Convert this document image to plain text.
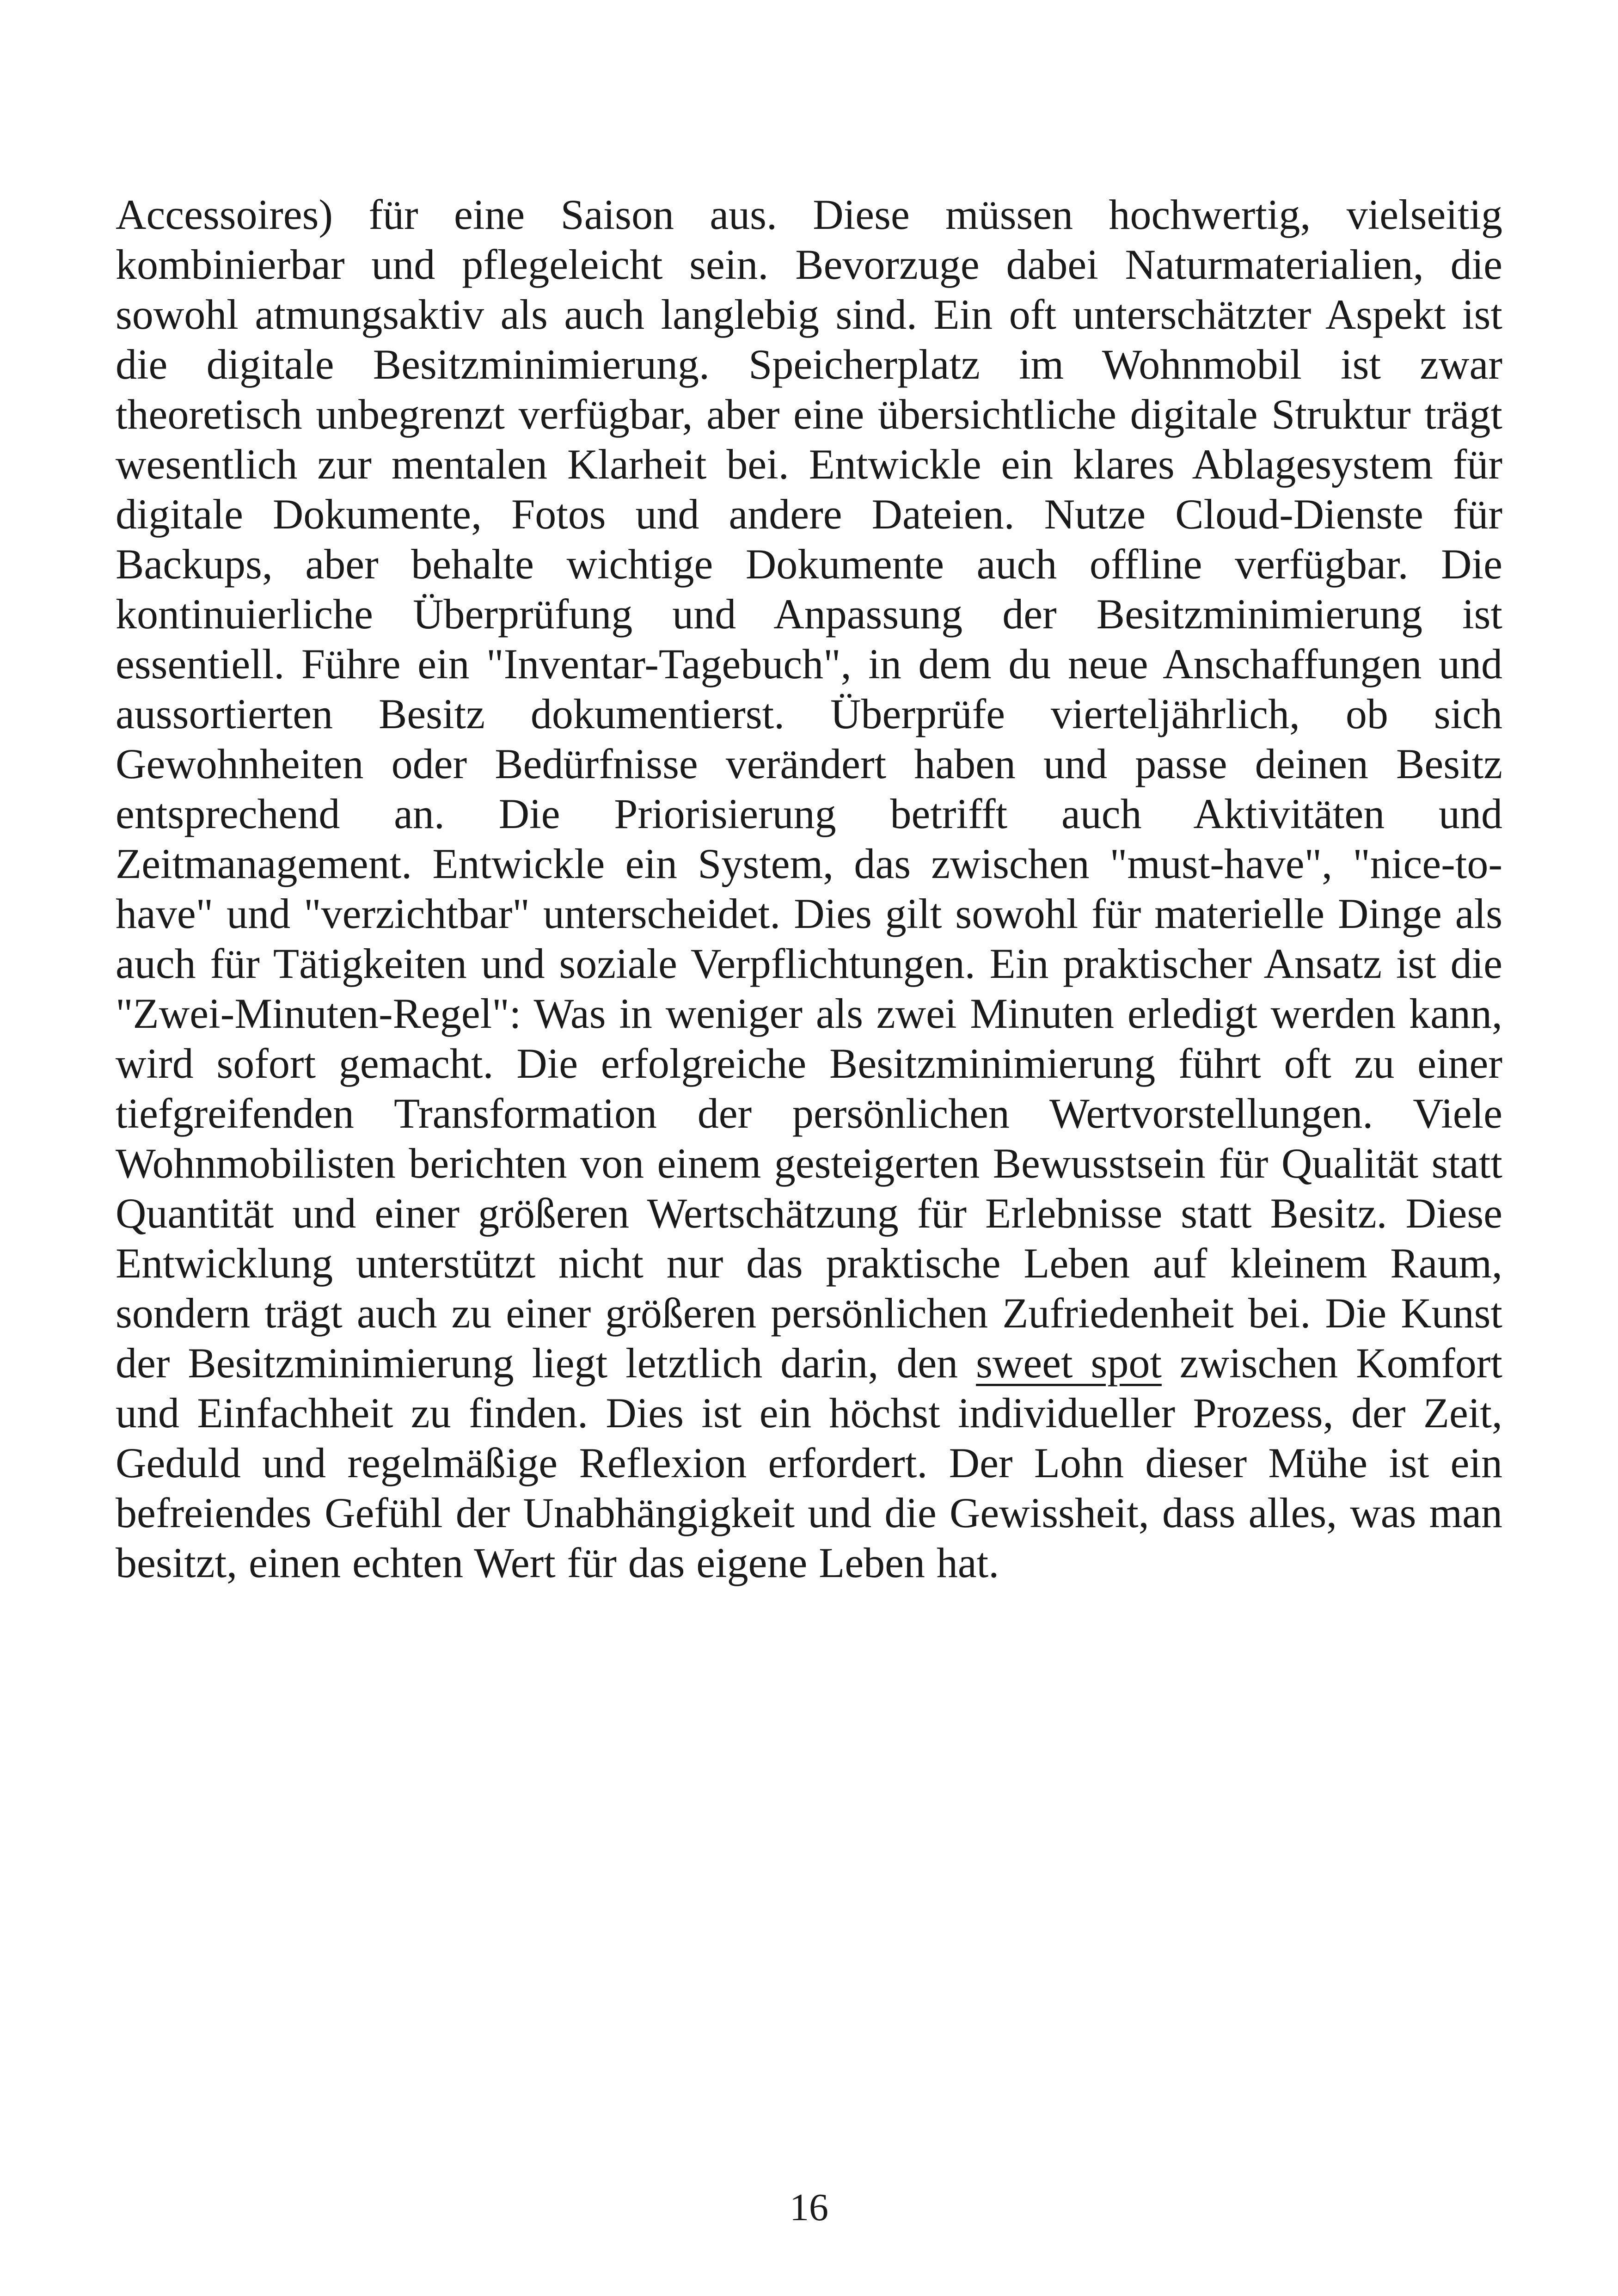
Accessoires) für eine Saison aus. Diese müssen hochwertig, vielseitig kombinierbar und pflegeleicht sein. Bevorzuge dabei Naturmaterialien, die sowohl atmungsaktiv als auch langlebig sind. Ein oft unterschätzter Aspekt ist die digitale Besitzminimierung. Speicherplatz im Wohnmobil ist zwar theoretisch unbegrenzt verfügbar, aber eine übersichtliche digitale Struktur trägt wesentlich zur mentalen Klarheit bei. Entwickle ein klares Ablagesystem für digitale Dokumente, Fotos und andere Dateien. Nutze Cloud-Dienste für Backups, aber behalte wichtige Dokumente auch offline verfügbar. Die kontinuierliche Überprüfung und Anpassung der Besitzminimierung ist essentiell. Führe ein "Inventar-Tagebuch", in dem du neue Anschaffungen und aussortierten Besitz dokumentierst. Überprüfe vierteljährlich, ob sich Gewohnheiten oder Bedürfnisse verändert haben und passe deinen Besitz entsprechend an. Die Priorisierung betrifft auch Aktivitäten und Zeitmanagement. Entwickle ein System, das zwischen "must-have", "nice-to-have" und "verzichtbar" unterscheidet. Dies gilt sowohl für materielle Dinge als auch für Tätigkeiten und soziale Verpflichtungen. Ein praktischer Ansatz ist die "Zwei-Minuten-Regel": Was in weniger als zwei Minuten erledigt werden kann, wird sofort gemacht. Die erfolgreiche Besitzminimierung führt oft zu einer tiefgreifenden Transformation der persönlichen Wertvorstellungen. Viele Wohnmobilisten berichten von einem gesteigerten Bewusstsein für Qualität statt Quantität und einer größeren Wertschätzung für Erlebnisse statt Besitz. Diese Entwicklung unterstützt nicht nur das praktische Leben auf kleinem Raum, sondern trägt auch zu einer größeren persönlichen Zufriedenheit bei. Die Kunst der Besitzminimierung liegt letztlich darin, den sweet spot zwischen Komfort und Einfachheit zu finden. Dies ist ein höchst individueller Prozess, der Zeit, Geduld und regelmäßige Reflexion erfordert. Der Lohn dieser Mühe ist ein befreiendes Gefühl der Unabhängigkeit und die Gewissheit, dass alles, was man besitzt, einen echten Wert für das eigene Leben hat.

16
